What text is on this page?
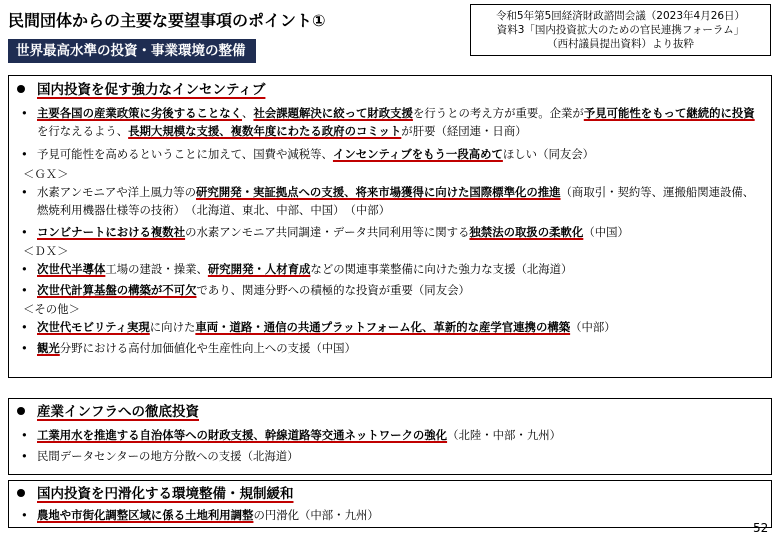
民間団体からの主要な要望事項のポイント①	令和5年第5回経済財政諮問会議（2023年4月26日）
資料3「国内投資拡大のための官民連携フォーラム」
（西村議員提出資料）より抜粋
世界最高水準の投資・事業環境の整備
国内投資を促す強力なインセンティブ
• 主要各国の産業政策に劣後することなく、社会課題解決に絞って財政支援を行うとの考え方が重要。企業が予見可能性をもって継続的に投資を行なえるよう、長期大規模な支援、複数年度にわたる政府のコミットが肝要（経団連・日商）
• 予見可能性を高めるということに加えて、国費や減税等、インセンティブをもう一段高めてほしい（同友会）
＜ＧＸ＞
• 水素アンモニアや洋上風力等の研究開発・実証拠点への支援、将来市場獲得に向けた国際標準化の推進（商取引・契約等、運搬船関連設備、燃焼利用機器仕様等の技術）　（北海道、東北、中部、中国）　（中部）
• コンビナートにおける複数社の水素アンモニア共同調達・データ共同利用等に関する独禁法の取扱の柔軟化（中国）
＜ＤＸ＞
• 次世代半導体工場の建設・操業、研究開発・人材育成などの関連事業整備に向けた強力な支援（北海道）
• 次世代計算基盤の構築が不可欠であり、関連分野への積極的な投資が重要（同友会）
＜その他＞
• 次世代モビリティ実現に向けた車両・道路・通信の共通プラットフォーム化、革新的な産学官連携の構築（中部）
• 観光分野における高付加価値化や生産性向上への支援（中国）
産業インフラへの徹底投資
• 工業用水を推進する自治体等への財政支援、幹線道路等交通ネットワークの強化（北陸・中部・九州）
• 民間データセンターの地方分散への支援（北海道）
国内投資を円滑化する環境整備・規制緩和
• 農地や市街化調整区域に係る土地利用調整の円滑化（中部・九州）
52
